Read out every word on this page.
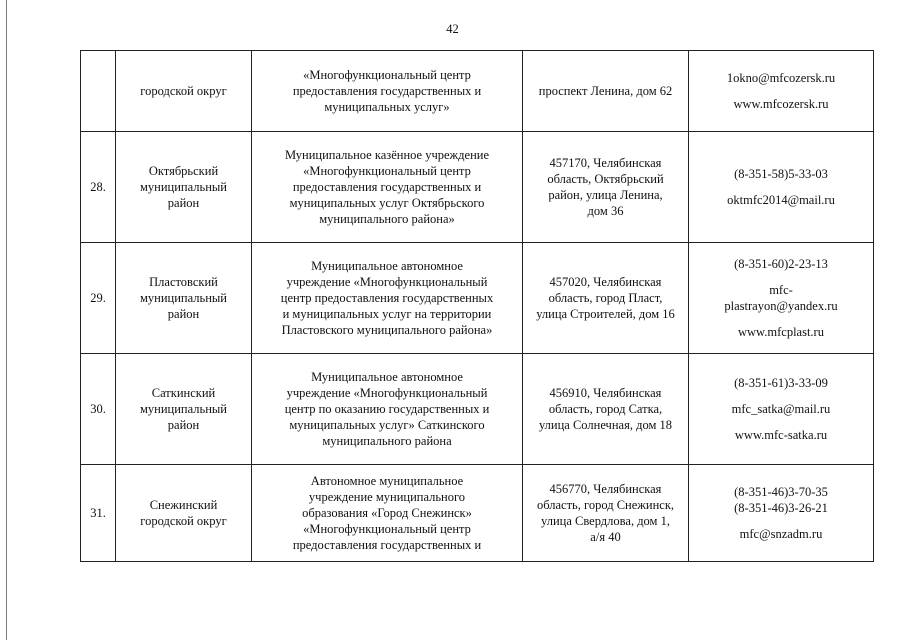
42

	городской округ	«Многофункциональный центр
предоставления государственных и
муниципальных услуг»	проспект Ленина, дом 62	1okno@mfcozersk.ru
www.mfcozersk.ru

28.	Октябрьский
муниципальный
район	Муниципальное казённое учреждение
«Многофункциональный центр
предоставления государственных и
муниципальных услуг Октябрьского
муниципального района»	457170, Челябинская
область, Октябрьский
район, улица Ленина,
дом 36	(8-351-58)5-33-03
oktmfc2014@mail.ru

29.	Пластовский
муниципальный
район	Муниципальное автономное
учреждение «Многофункциональный
центр предоставления государственных
и муниципальных услуг на территории
Пластовского муниципального района»	457020, Челябинская
область, город Пласт,
улица Строителей, дом 16	(8-351-60)2-23-13
mfc-
plastrayon@yandex.ru
www.mfcplast.ru

30.	Саткинский
муниципальный
район	Муниципальное автономное
учреждение «Многофункциональный
центр по оказанию государственных и
муниципальных услуг» Саткинского
муниципального района	456910, Челябинская
область, город Сатка,
улица Солнечная, дом 18	(8-351-61)3-33-09
mfc_satka@mail.ru
www.mfc-satka.ru

31.	Снежинский
городской округ	Автономное муниципальное
учреждение муниципального
образования «Город Снежинск»
«Многофункциональный центр
предоставления государственных и	456770, Челябинская
область, город Снежинск,
улица Свердлова, дом 1,
а/я 40	(8-351-46)3-70-35
(8-351-46)3-26-21
mfc@snzadm.ru
